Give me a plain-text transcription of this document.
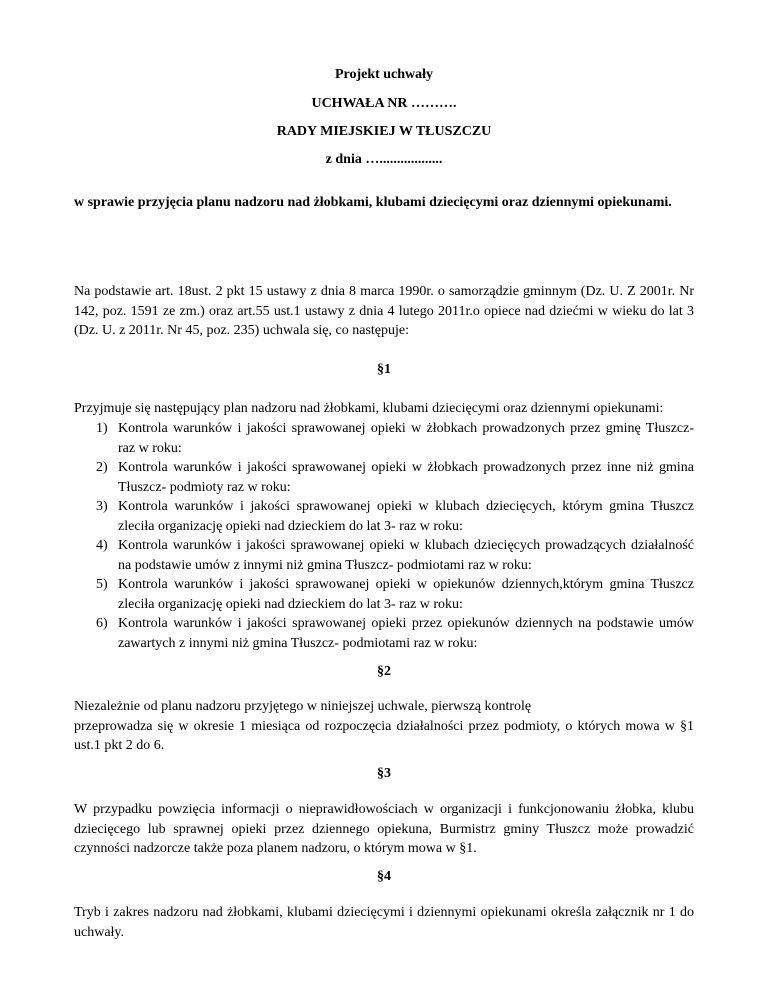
Projekt uchwały

UCHWAŁA NR ……….

RADY MIEJSKIEJ W TŁUSZCZU

z dnia …..................

w sprawie przyjęcia planu nadzoru nad żłobkami, klubami dziecięcymi oraz dziennymi opiekunami.

Na podstawie art. 18ust. 2 pkt 15 ustawy z dnia 8 marca 1990r. o samorządzie gminnym (Dz. U. Z 2001r. Nr 142, poz. 1591 ze zm.) oraz art.55 ust.1 ustawy z dnia 4 lutego 2011r.o opiece nad dziećmi w wieku do lat 3 (Dz. U. z 2011r. Nr 45, poz. 235) uchwala się, co następuje:

§1

Przyjmuje się następujący plan nadzoru nad żłobkami, klubami dziecięcymi oraz dziennymi opiekunami:

1) Kontrola warunków i jakości sprawowanej opieki w żłobkach prowadzonych przez gminę Tłuszcz- raz w roku:
2) Kontrola warunków i jakości sprawowanej opieki w żłobkach prowadzonych przez inne niż gmina Tłuszcz- podmioty raz w roku:
3) Kontrola warunków i jakości sprawowanej opieki w klubach dziecięcych, którym gmina Tłuszcz zleciła organizację opieki nad dzieckiem do lat 3- raz w roku:
4) Kontrola warunków i jakości sprawowanej opieki w klubach dziecięcych prowadzących działalność na podstawie umów z innymi niż gmina Tłuszcz- podmiotami raz w roku:
5) Kontrola warunków i jakości sprawowanej opieki w opiekunów dziennych,którym gmina Tłuszcz zleciła organizację opieki nad dzieckiem do lat 3- raz w roku:
6) Kontrola warunków i jakości sprawowanej opieki przez opiekunów dziennych na podstawie umów zawartych z innymi niż gmina Tłuszcz- podmiotami raz w roku:

§2

Niezależnie od planu nadzoru przyjętego w niniejszej uchwale, pierwszą kontrolę
przeprowadza się w okresie 1 miesiąca od rozpoczęcia działalności przez podmioty, o których mowa w §1 ust.1 pkt 2 do 6.

§3

W przypadku powzięcia informacji o nieprawidłowościach w organizacji i funkcjonowaniu żłobka, klubu dziecięcego lub sprawnej opieki przez dziennego opiekuna, Burmistrz gminy Tłuszcz może prowadzić czynności nadzorcze także poza planem nadzoru, o którym mowa w §1.

§4

Tryb i zakres nadzoru nad żłobkami, klubami dziecięcymi i dziennymi opiekunami określa załącznik nr 1 do uchwały.
